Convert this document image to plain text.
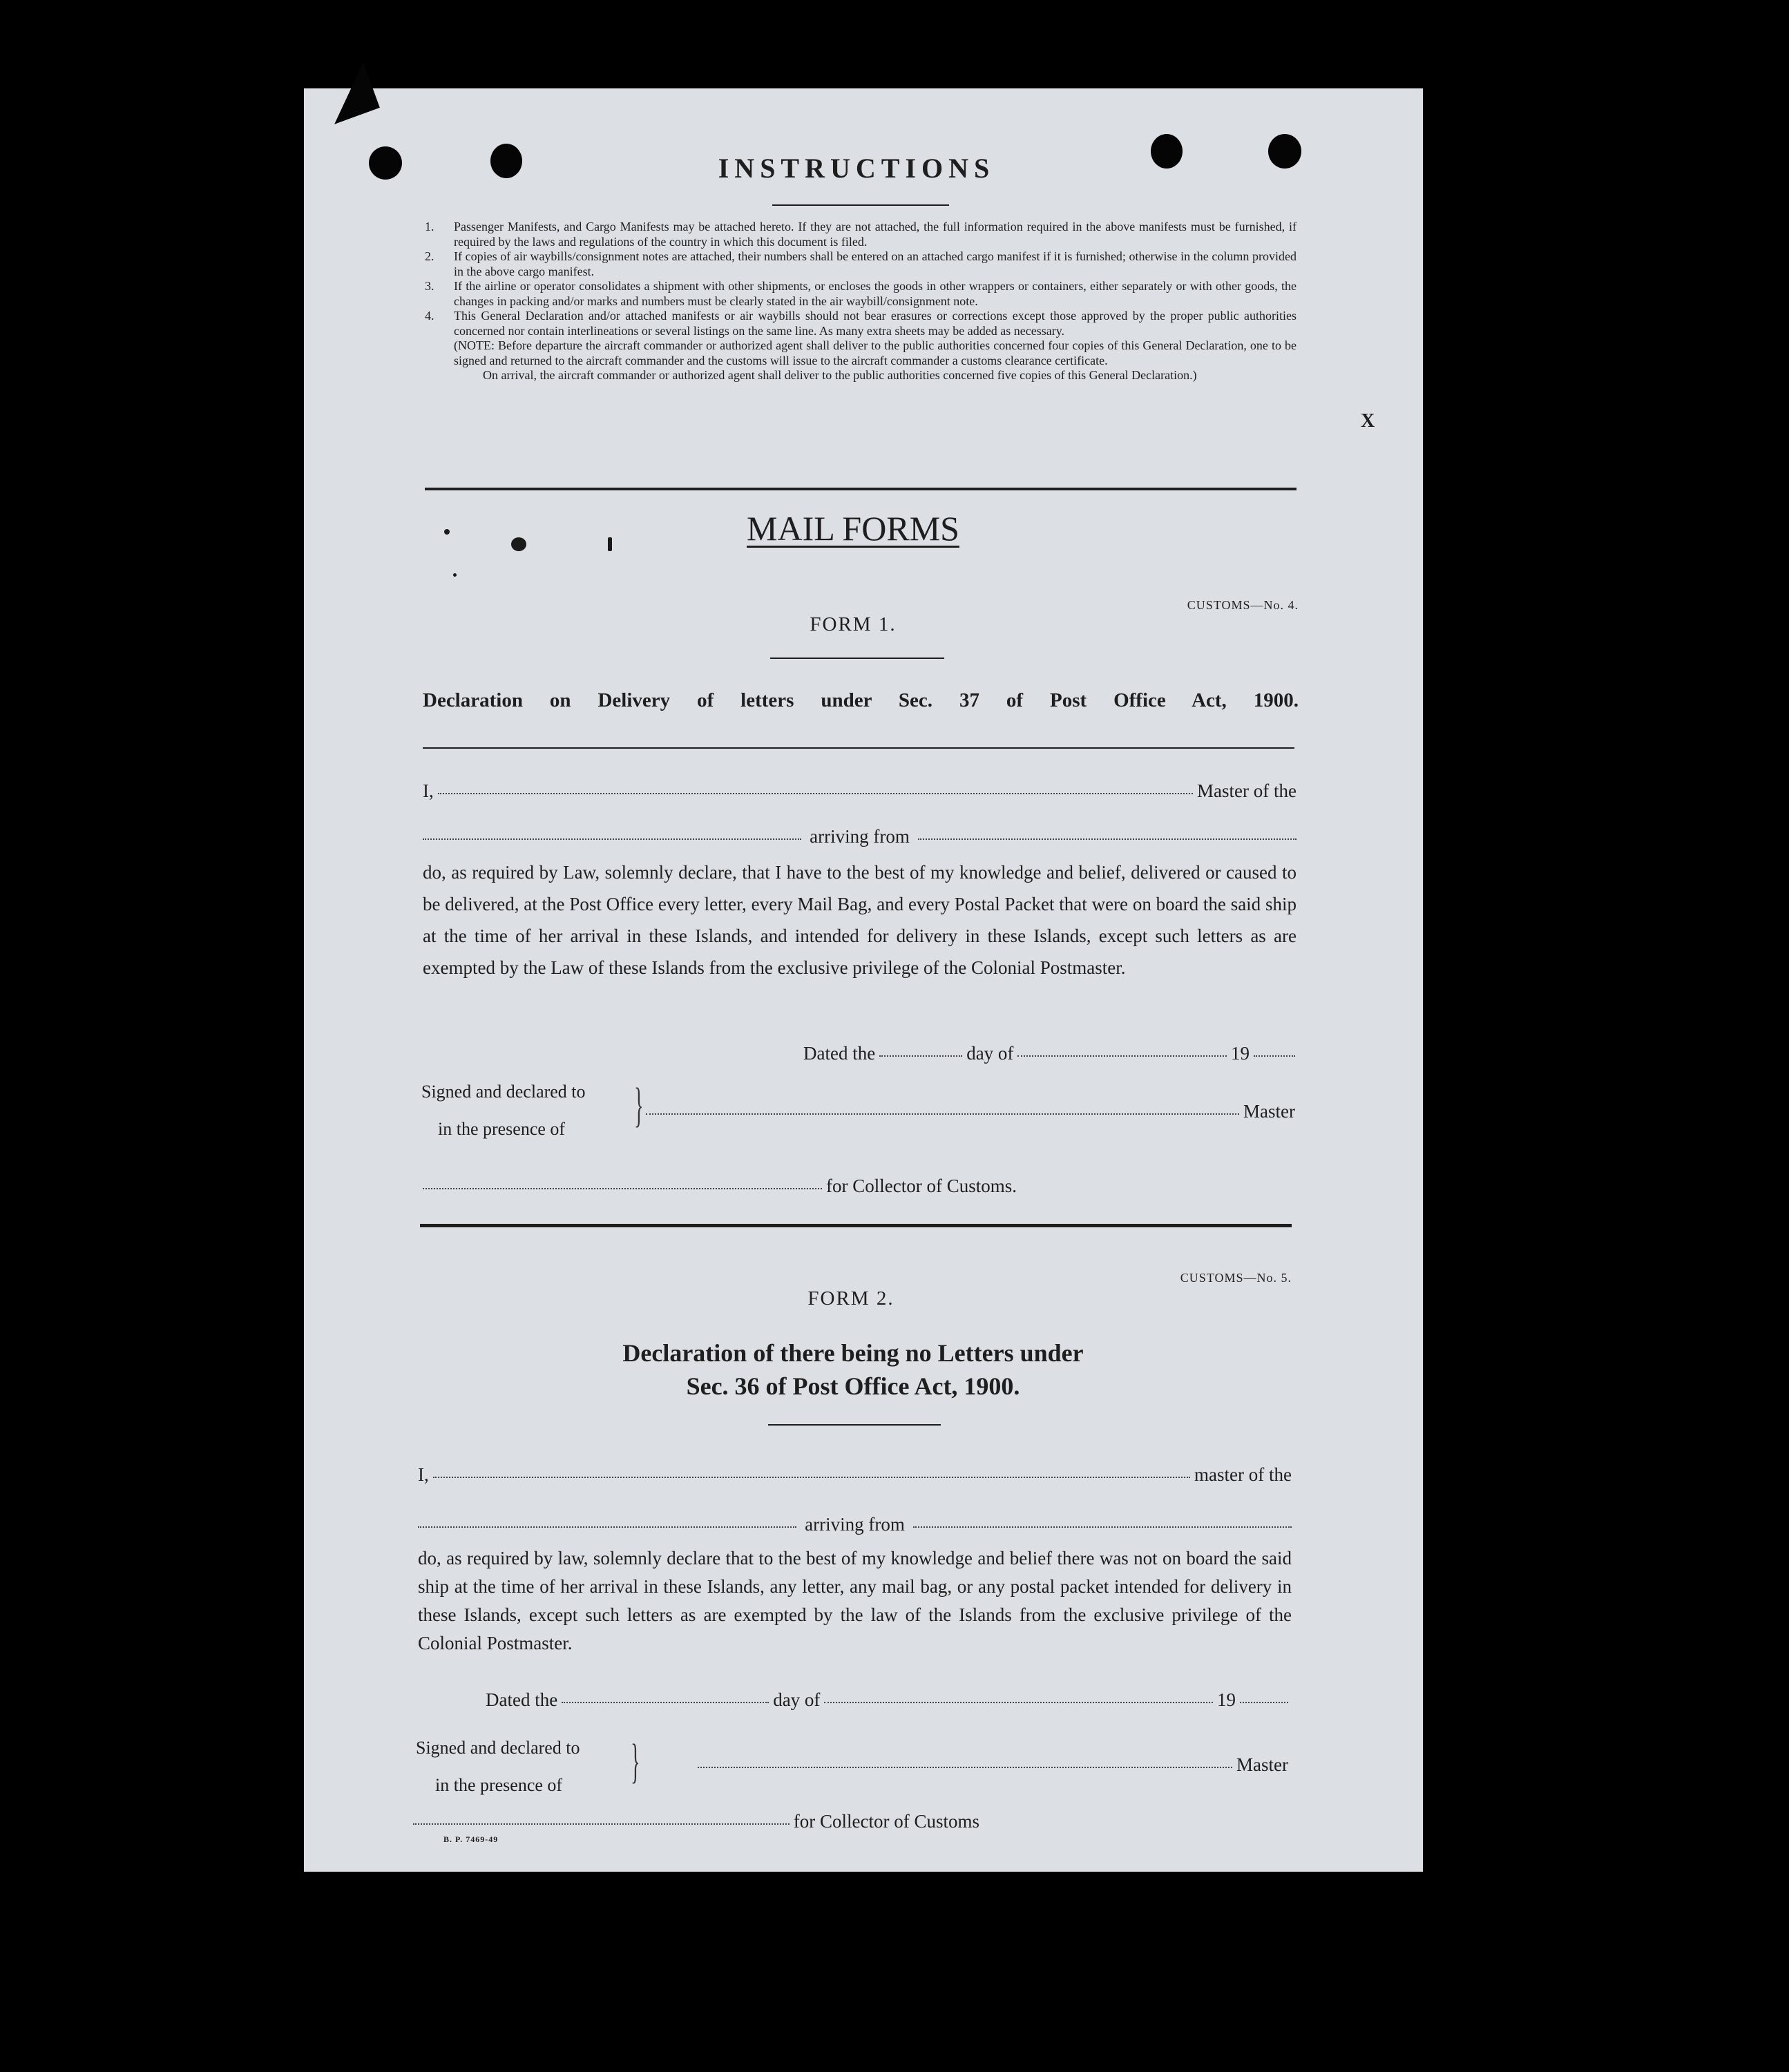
INSTRUCTIONS
1. Passenger Manifests, and Cargo Manifests may be attached hereto. If they are not attached, the full information required in the above manifests must be furnished, if required by the laws and regulations of the country in which this document is filed.
2. If copies of air waybills/consignment notes are attached, their numbers shall be entered on an attached cargo manifest if it is furnished; otherwise in the column provided in the above cargo manifest.
3. If the airline or operator consolidates a shipment with other shipments, or encloses the goods in other wrappers or containers, either separately or with other goods, the changes in packing and/or marks and numbers must be clearly stated in the air waybill/consignment note.
4. This General Declaration and/or attached manifests or air waybills should not bear erasures or corrections except those approved by the proper public authorities concerned nor contain interlineations or several listings on the same line. As many extra sheets may be added as necessary.

(NOTE: Before departure the aircraft commander or authorized agent shall deliver to the public authorities concerned four copies of this General Declaration, one to be signed and returned to the aircraft commander and the customs will issue to the aircraft commander a customs clearance certificate.

On arrival, the aircraft commander or authorized agent shall deliver to the public authorities concerned five copies of this General Declaration.)

X
MAIL FORMS
CUSTOMS—No. 4.
FORM 1.
Declaration on Delivery of letters under Sec. 37 of Post Office Act, 1900.
I,	Master of the
arriving from
do, as required by Law, solemnly declare, that I have to the best of my knowledge and belief, delivered or caused to be delivered, at the Post Office every letter, every Mail Bag, and every Postal Packet that were on board the said ship at the time of her arrival in these Islands, and intended for delivery in these Islands, except such letters as are exempted by the Law of these Islands from the exclusive privilege of the Colonial Postmaster.
Dated the	day of	19
Signed and declared to
in the presence of }	Master
for Collector of Customs.
CUSTOMS—No. 5.
FORM 2.
Declaration of there being no Letters under
Sec. 36 of Post Office Act, 1900.
I,	master of the
arriving from
do, as required by law, solemnly declare that to the best of my knowledge and belief there was not on board the said ship at the time of her arrival in these Islands, any letter, any mail bag, or any postal packet intended for delivery in these Islands, except such letters as are exempted by the law of the Islands from the exclusive privilege of the Colonial Postmaster.
Dated the	day of	19
Signed and declared to
in the presence of }	Master
for Collector of Customs
B. P. 7469-49
